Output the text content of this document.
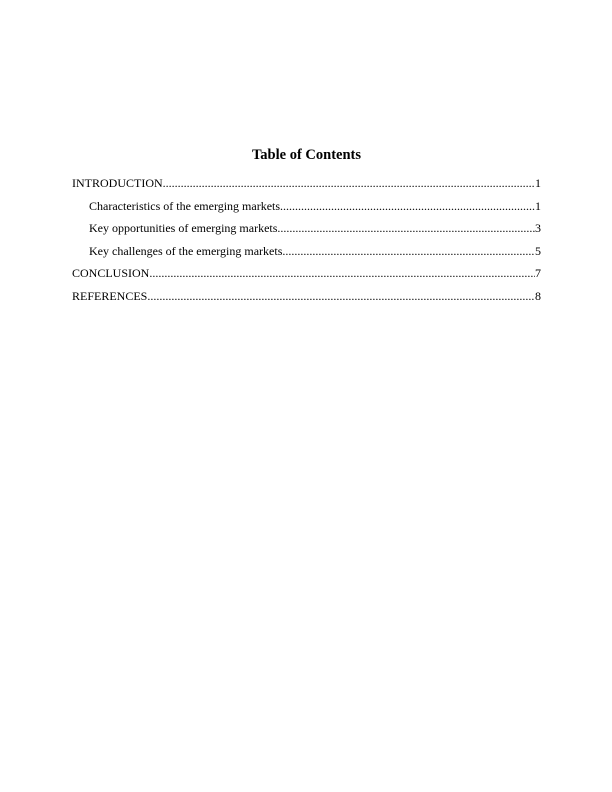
Table of Contents
INTRODUCTION .....	1
Characteristics of the emerging markets .....	1
Key opportunities of emerging markets .....	3
Key challenges of the emerging markets .....	5
CONCLUSION .....	7
REFERENCES .....	8
